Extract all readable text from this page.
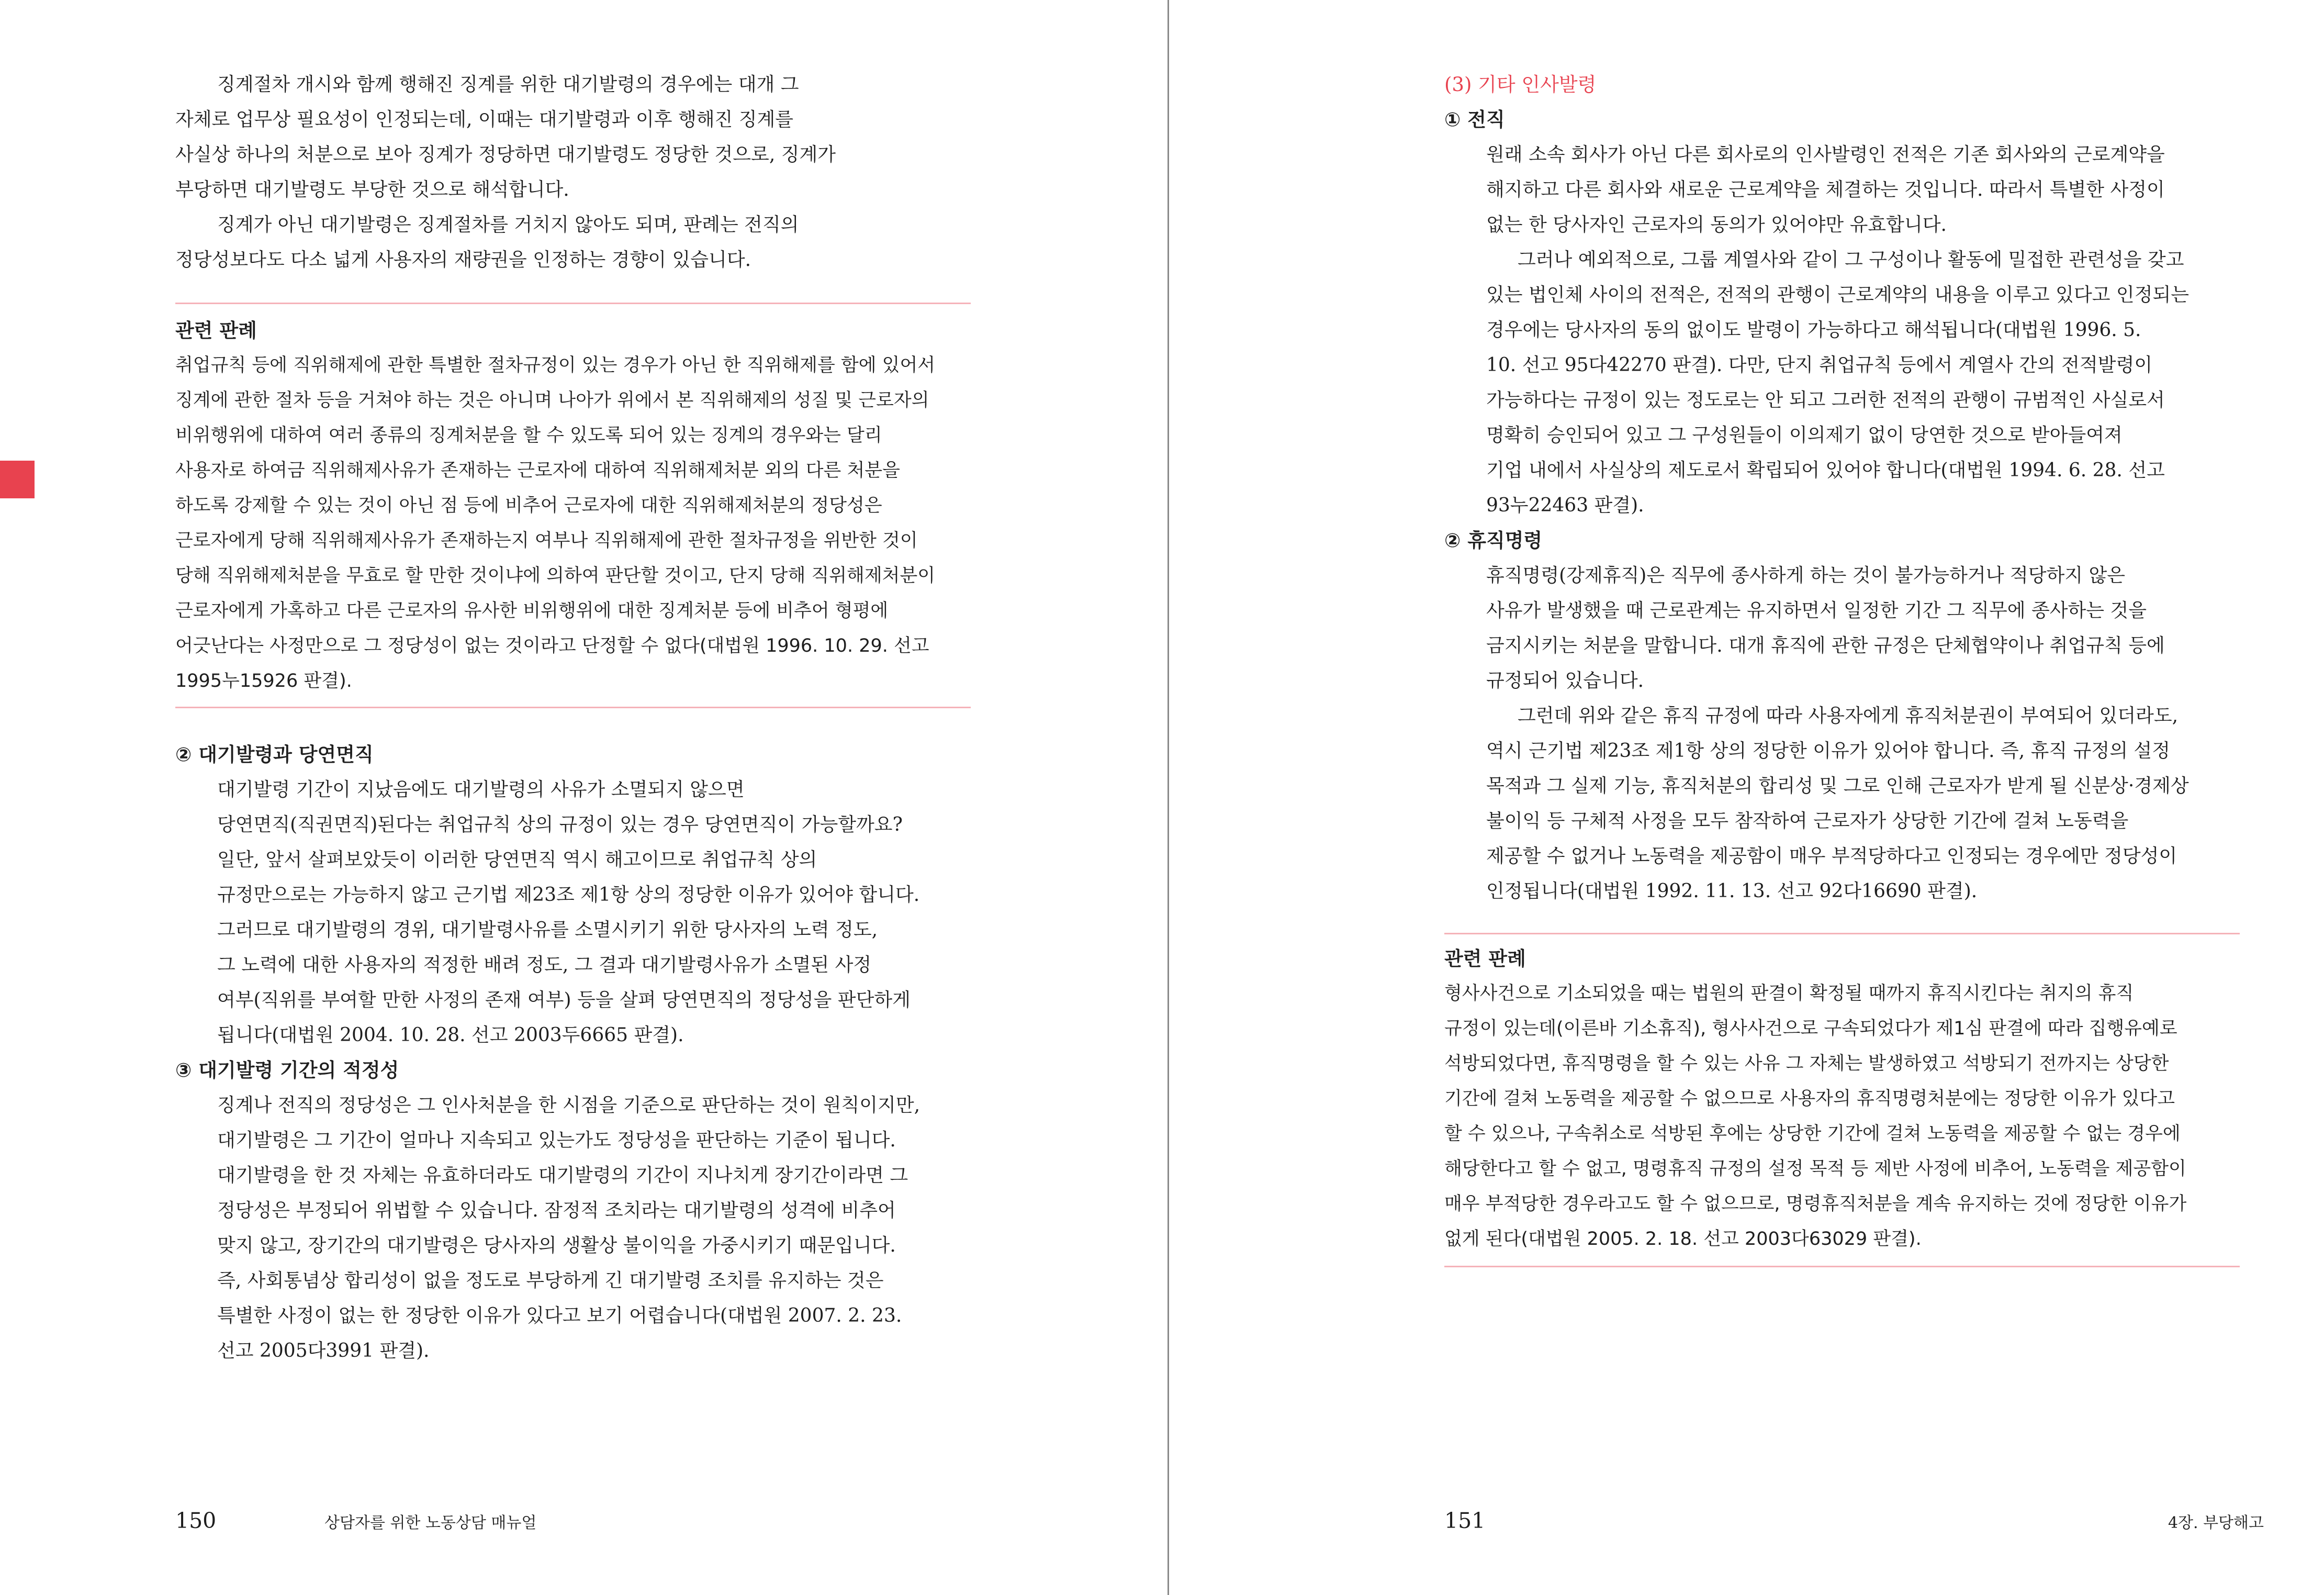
징계절차 개시와 함께 행해진 징계를 위한 대기발령의 경우에는 대개 그

자체로 업무상 필요성이 인정되는데, 이때는 대기발령과 이후 행해진 징계를

사실상 하나의 처분으로 보아 징계가 정당하면 대기발령도 정당한 것으로, 징계가

부당하면 대기발령도 부당한 것으로 해석합니다.

징계가 아닌 대기발령은 징계절차를 거치지 않아도 되며, 판례는 전직의

정당성보다도 다소 넓게 사용자의 재량권을 인정하는 경향이 있습니다.

관련 판례

취업규칙 등에 직위해제에 관한 특별한 절차규정이 있는 경우가 아닌 한 직위해제를 함에 있어서

징계에 관한 절차 등을 거쳐야 하는 것은 아니며 나아가 위에서 본 직위해제의 성질 및 근로자의

비위행위에 대하여 여러 종류의 징계처분을 할 수 있도록 되어 있는 징계의 경우와는 달리

사용자로 하여금 직위해제사유가 존재하는 근로자에 대하여 직위해제처분 외의 다른 처분을

하도록 강제할 수 있는 것이 아닌 점 등에 비추어 근로자에 대한 직위해제처분의 정당성은

근로자에게 당해 직위해제사유가 존재하는지 여부나 직위해제에 관한 절차규정을 위반한 것이

당해 직위해제처분을 무효로 할 만한 것이냐에 의하여 판단할 것이고, 단지 당해 직위해제처분이

근로자에게 가혹하고 다른 근로자의 유사한 비위행위에 대한 징계처분 등에 비추어 형평에

어긋난다는 사정만으로 그 정당성이 없는 것이라고 단정할 수 없다(대법원 1996. 10. 29. 선고

1995누15926 판결).

② 대기발령과 당연면직

대기발령 기간이 지났음에도 대기발령의 사유가 소멸되지 않으면

당연면직(직권면직)된다는 취업규칙 상의 규정이 있는 경우 당연면직이 가능할까요?

일단, 앞서 살펴보았듯이 이러한 당연면직 역시 해고이므로 취업규칙 상의

규정만으로는 가능하지 않고 근기법 제23조 제1항 상의 정당한 이유가 있어야 합니다.

그러므로 대기발령의 경위, 대기발령사유를 소멸시키기 위한 당사자의 노력 정도,

그 노력에 대한 사용자의 적정한 배려 정도, 그 결과 대기발령사유가 소멸된 사정

여부(직위를 부여할 만한 사정의 존재 여부) 등을 살펴 당연면직의 정당성을 판단하게

됩니다(대법원 2004. 10. 28. 선고 2003두6665 판결).

③ 대기발령 기간의 적정성

징계나 전직의 정당성은 그 인사처분을 한 시점을 기준으로 판단하는 것이 원칙이지만,

대기발령은 그 기간이 얼마나 지속되고 있는가도 정당성을 판단하는 기준이 됩니다.

대기발령을 한 것 자체는 유효하더라도 대기발령의 기간이 지나치게 장기간이라면 그

정당성은 부정되어 위법할 수 있습니다. 잠정적 조치라는 대기발령의 성격에 비추어

맞지 않고, 장기간의 대기발령은 당사자의 생활상 불이익을 가중시키기 때문입니다.

즉, 사회통념상 합리성이 없을 정도로 부당하게 긴 대기발령 조치를 유지하는 것은

특별한 사정이 없는 한 정당한 이유가 있다고 보기 어렵습니다(대법원 2007. 2. 23.

선고 2005다3991 판결).

150	상담자를 위한 노동상담 매뉴얼

(3) 기타 인사발령

① 전직

원래 소속 회사가 아닌 다른 회사로의 인사발령인 전적은 기존 회사와의 근로계약을

해지하고 다른 회사와 새로운 근로계약을 체결하는 것입니다. 따라서 특별한 사정이

없는 한 당사자인 근로자의 동의가 있어야만 유효합니다.

그러나 예외적으로, 그룹 계열사와 같이 그 구성이나 활동에 밀접한 관련성을 갖고

있는 법인체 사이의 전적은, 전적의 관행이 근로계약의 내용을 이루고 있다고 인정되는

경우에는 당사자의 동의 없이도 발령이 가능하다고 해석됩니다(대법원 1996. 5.

10. 선고 95다42270 판결). 다만, 단지 취업규칙 등에서 계열사 간의 전적발령이

가능하다는 규정이 있는 정도로는 안 되고 그러한 전적의 관행이 규범적인 사실로서

명확히 승인되어 있고 그 구성원들이 이의제기 없이 당연한 것으로 받아들여져

기업 내에서 사실상의 제도로서 확립되어 있어야 합니다(대법원 1994. 6. 28. 선고

93누22463 판결).

② 휴직명령

휴직명령(강제휴직)은 직무에 종사하게 하는 것이 불가능하거나 적당하지 않은

사유가 발생했을 때 근로관계는 유지하면서 일정한 기간 그 직무에 종사하는 것을

금지시키는 처분을 말합니다. 대개 휴직에 관한 규정은 단체협약이나 취업규칙 등에

규정되어 있습니다.

그런데 위와 같은 휴직 규정에 따라 사용자에게 휴직처분권이 부여되어 있더라도,

역시 근기법 제23조 제1항 상의 정당한 이유가 있어야 합니다. 즉, 휴직 규정의 설정

목적과 그 실제 기능, 휴직처분의 합리성 및 그로 인해 근로자가 받게 될 신분상·경제상

불이익 등 구체적 사정을 모두 참작하여 근로자가 상당한 기간에 걸쳐 노동력을

제공할 수 없거나 노동력을 제공함이 매우 부적당하다고 인정되는 경우에만 정당성이

인정됩니다(대법원 1992. 11. 13. 선고 92다16690 판결).

관련 판례

형사사건으로 기소되었을 때는 법원의 판결이 확정될 때까지 휴직시킨다는 취지의 휴직

규정이 있는데(이른바 기소휴직), 형사사건으로 구속되었다가 제1심 판결에 따라 집행유예로

석방되었다면, 휴직명령을 할 수 있는 사유 그 자체는 발생하였고 석방되기 전까지는 상당한

기간에 걸쳐 노동력을 제공할 수 없으므로 사용자의 휴직명령처분에는 정당한 이유가 있다고

할 수 있으나, 구속취소로 석방된 후에는 상당한 기간에 걸쳐 노동력을 제공할 수 없는 경우에

해당한다고 할 수 없고, 명령휴직 규정의 설정 목적 등 제반 사정에 비추어, 노동력을 제공함이

매우 부적당한 경우라고도 할 수 없으므로, 명령휴직처분을 계속 유지하는 것에 정당한 이유가

없게 된다(대법원 2005. 2. 18. 선고 2003다63029 판결).

151	4장. 부당해고
